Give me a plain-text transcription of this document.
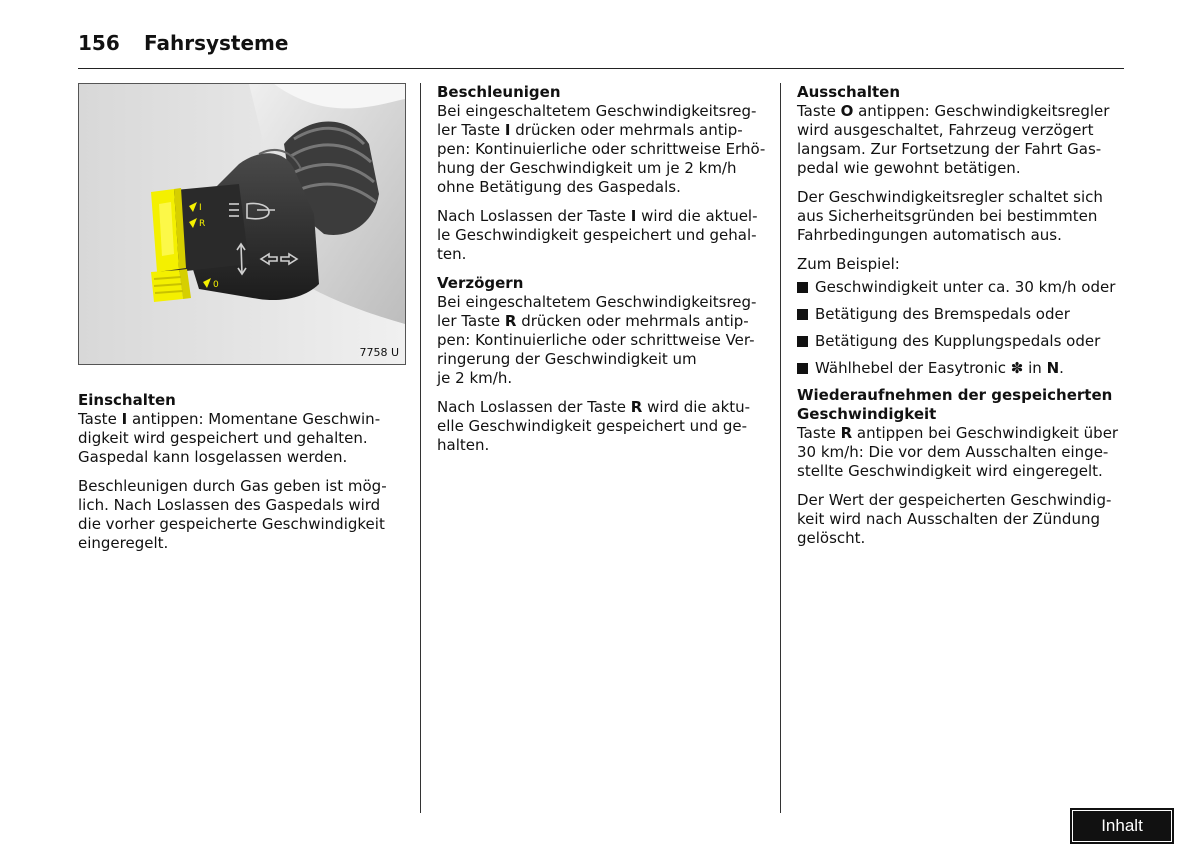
156 Fahrsysteme
I
R
0
7758 U
Einschalten

Taste I antippen: Momentane Geschwin-
digkeit wird gespeichert und gehalten.
Gaspedal kann losgelassen werden.

Beschleunigen durch Gas geben ist mög-
lich. Nach Loslassen des Gaspedals wird
die vorher gespeicherte Geschwindigkeit
eingeregelt.

Beschleunigen

Bei eingeschaltetem Geschwindigkeitsreg-
ler Taste I drücken oder mehrmals antip-
pen: Kontinuierliche oder schrittweise Erhö-
hung der Geschwindigkeit um je 2 km/h
ohne Betätigung des Gaspedals.

Nach Loslassen der Taste I wird die aktuel-
le Geschwindigkeit gespeichert und gehal-
ten.

Verzögern

Bei eingeschaltetem Geschwindigkeitsreg-
ler Taste R drücken oder mehrmals antip-
pen: Kontinuierliche oder schrittweise Ver-
ringerung der Geschwindigkeit um
je 2 km/h.

Nach Loslassen der Taste R wird die aktu-
elle Geschwindigkeit gespeichert und ge-
halten.

Ausschalten

Taste O antippen: Geschwindigkeitsregler
wird ausgeschaltet, Fahrzeug verzögert
langsam. Zur Fortsetzung der Fahrt Gas-
pedal wie gewohnt betätigen.

Der Geschwindigkeitsregler schaltet sich
aus Sicherheitsgründen bei bestimmten
Fahrbedingungen automatisch aus.

Zum Beispiel:

Geschwindigkeit unter ca. 30 km/h oder
Betätigung des Bremspedals oder
Betätigung des Kupplungspedals oder
Wählhebel der Easytronic ✽ in N.
Wiederaufnehmen der gespeicherten
Geschwindigkeit

Taste R antippen bei Geschwindigkeit über
30 km/h: Die vor dem Ausschalten einge-
stellte Geschwindigkeit wird eingeregelt.

Der Wert der gespeicherten Geschwindig-
keit wird nach Ausschalten der Zündung
gelöscht.

Inhalt
